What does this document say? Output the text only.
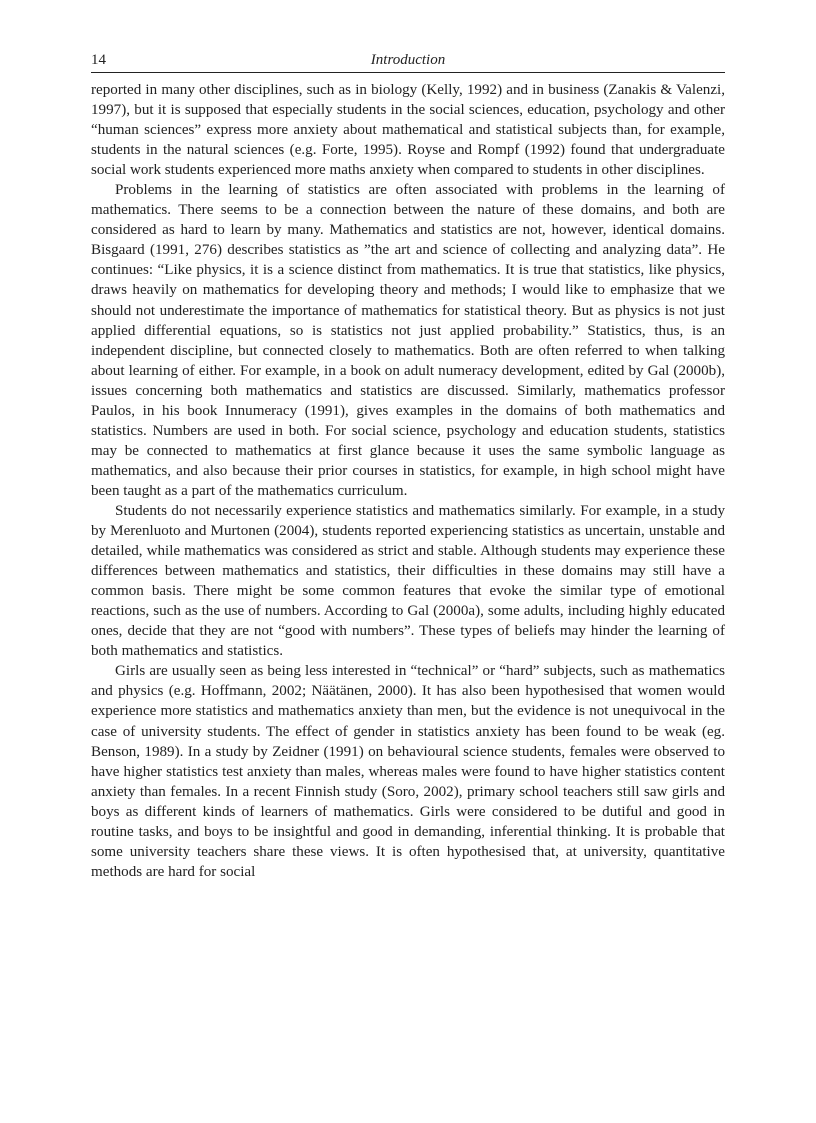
14	Introduction

reported in many other disciplines, such as in biology (Kelly, 1992) and in business (Zanakis & Valenzi, 1997), but it is supposed that especially students in the social sciences, education, psychology and other “human sciences” express more anxiety about mathematical and statistical subjects than, for example, students in the natural sciences (e.g. Forte, 1995). Royse and Rompf (1992) found that undergraduate social work students experienced more maths anxiety when compared to students in other disciplines.

Problems in the learning of statistics are often associated with problems in the learning of mathematics. There seems to be a connection between the nature of these domains, and both are considered as hard to learn by many. Mathematics and statistics are not, however, identical domains. Bisgaard (1991, 276) describes statistics as ”the art and science of collecting and analyzing data”. He continues: “Like physics, it is a science distinct from mathematics. It is true that statistics, like physics, draws heavily on mathematics for developing theory and methods; I would like to emphasize that we should not underestimate the importance of mathematics for statistical theory. But as physics is not just applied differential equations, so is statistics not just applied probability.” Statistics, thus, is an independent discipline, but connected closely to mathematics. Both are often referred to when talking about learning of either. For example, in a book on adult numeracy development, edited by Gal (2000b), issues concerning both mathematics and statistics are discussed. Similarly, mathematics professor Paulos, in his book Innumeracy (1991), gives examples in the domains of both mathematics and statistics. Numbers are used in both. For social science, psychology and education students, statistics may be connected to mathematics at first glance because it uses the same symbolic language as mathematics, and also because their prior courses in statistics, for example, in high school might have been taught as a part of the mathematics curriculum.

Students do not necessarily experience statistics and mathematics similarly. For example, in a study by Merenluoto and Murtonen (2004), students reported experiencing statistics as uncertain, unstable and detailed, while mathematics was considered as strict and stable. Although students may experience these differences between mathematics and statistics, their difficulties in these domains may still have a common basis. There might be some common features that evoke the similar type of emotional reactions, such as the use of numbers. According to Gal (2000a), some adults, including highly educated ones, decide that they are not “good with numbers”. These types of beliefs may hinder the learning of both mathematics and statistics.

Girls are usually seen as being less interested in “technical” or “hard” subjects, such as mathematics and physics (e.g. Hoffmann, 2002; Näätänen, 2000). It has also been hypothesised that women would experience more statistics and mathematics anxiety than men, but the evidence is not unequivocal in the case of university students. The effect of gender in statistics anxiety has been found to be weak (eg. Benson, 1989). In a study by Zeidner (1991) on behavioural science students, females were observed to have higher statistics test anxiety than males, whereas males were found to have higher statistics content anxiety than females. In a recent Finnish study (Soro, 2002), primary school teachers still saw girls and boys as different kinds of learners of mathematics. Girls were considered to be dutiful and good in routine tasks, and boys to be insightful and good in demanding, inferential thinking. It is probable that some university teachers share these views. It is often hypothesised that, at university, quantitative methods are hard for social
